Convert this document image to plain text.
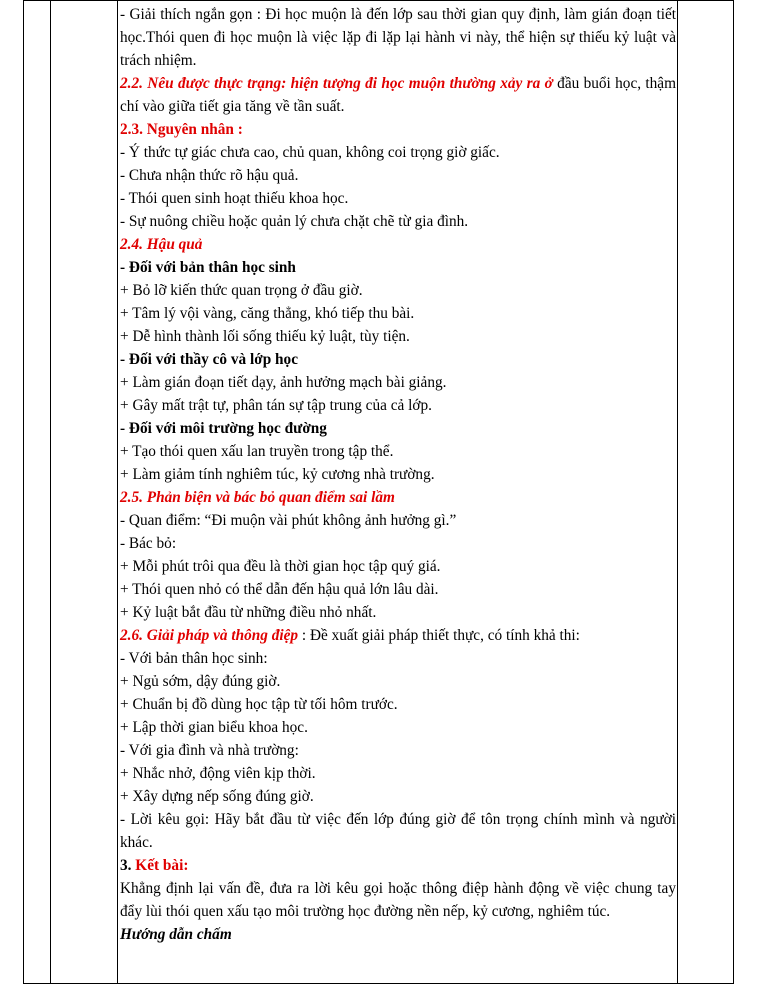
- Giải thích ngắn gọn : Đi học muộn là đến lớp sau thời gian quy định, làm gián đoạn tiết học.Thói quen đi học muộn là việc lặp đi lặp lại hành vi này, thể hiện sự thiếu kỷ luật và trách nhiệm.

2.2. Nêu được thực trạng: hiện tượng đi học muộn thường xảy ra ở đầu buổi học, thậm chí vào giữa tiết gia tăng về tần suất.

2.3. Nguyên nhân :

- Ý thức tự giác chưa cao, chủ quan, không coi trọng giờ giấc.

- Chưa nhận thức rõ hậu quả.

- Thói quen sinh hoạt thiếu khoa học.

- Sự nuông chiều hoặc quản lý chưa chặt chẽ từ gia đình.

2.4. Hậu quả

- Đối với bản thân học sinh

+ Bỏ lỡ kiến thức quan trọng ở đầu giờ.

+ Tâm lý vội vàng, căng thẳng, khó tiếp thu bài.

+ Dễ hình thành lối sống thiếu kỷ luật, tùy tiện.

- Đối với thầy cô và lớp học

+ Làm gián đoạn tiết dạy, ảnh hưởng mạch bài giảng.

+ Gây mất trật tự, phân tán sự tập trung của cả lớp.

- Đối với môi trường học đường

+ Tạo thói quen xấu lan truyền trong tập thể.

+ Làm giảm tính nghiêm túc, kỷ cương nhà trường.

2.5. Phản biện và bác bỏ quan điểm sai lầm

- Quan điểm: “Đi muộn vài phút không ảnh hưởng gì.”

- Bác bỏ:

+ Mỗi phút trôi qua đều là thời gian học tập quý giá.

+ Thói quen nhỏ có thể dẫn đến hậu quả lớn lâu dài.

+ Kỷ luật bắt đầu từ những điều nhỏ nhất.

2.6. Giải pháp và thông điệp : Đề xuất giải pháp thiết thực, có tính khả thi:

- Với bản thân học sinh:

+ Ngủ sớm, dậy đúng giờ.

+ Chuẩn bị đồ dùng học tập từ tối hôm trước.

+ Lập thời gian biểu khoa học.

- Với gia đình và nhà trường:

+ Nhắc nhở, động viên kịp thời.

+ Xây dựng nếp sống đúng giờ.

- Lời kêu gọi: Hãy bắt đầu từ việc đến lớp đúng giờ để tôn trọng chính mình và người khác.

3. Kết bài:

Khẳng định lại vấn đề, đưa ra lời kêu gọi hoặc thông điệp hành động về việc chung tay đẩy lùi thói quen xấu tạo môi trường học đường nền nếp, kỷ cương, nghiêm túc.

Hướng dẫn chấm
